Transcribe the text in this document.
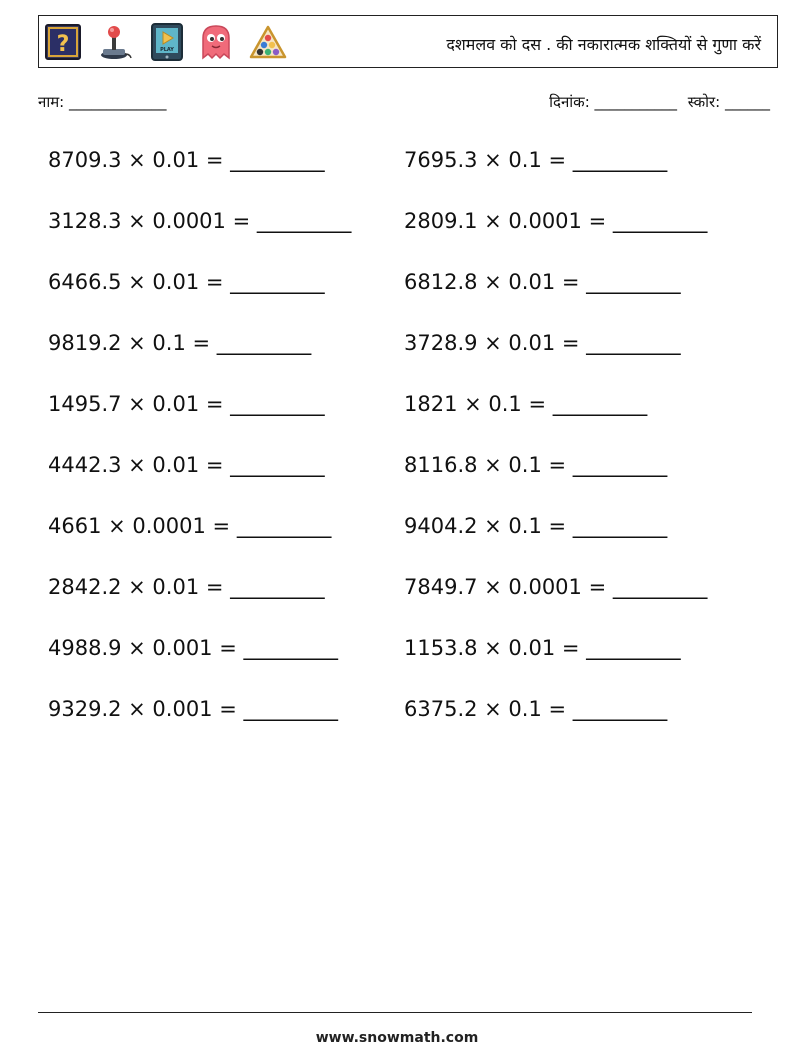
?	PLAY	दशमलव को दस . की नकारात्मक शक्तियों से गुणा करें
नाम: _____________	दिनांक: ___________ स्कोर: ______
8709.3 × 0.01 = _________	7695.3 × 0.1 = _________
3128.3 × 0.0001 = _________	2809.1 × 0.0001 = _________
6466.5 × 0.01 = _________	6812.8 × 0.01 = _________
9819.2 × 0.1 = _________	3728.9 × 0.01 = _________
1495.7 × 0.01 = _________	1821 × 0.1 = _________
4442.3 × 0.01 = _________	8116.8 × 0.1 = _________
4661 × 0.0001 = _________	9404.2 × 0.1 = _________
2842.2 × 0.01 = _________	7849.7 × 0.0001 = _________
4988.9 × 0.001 = _________	1153.8 × 0.01 = _________
9329.2 × 0.001 = _________	6375.2 × 0.1 = _________
www.snowmath.com
